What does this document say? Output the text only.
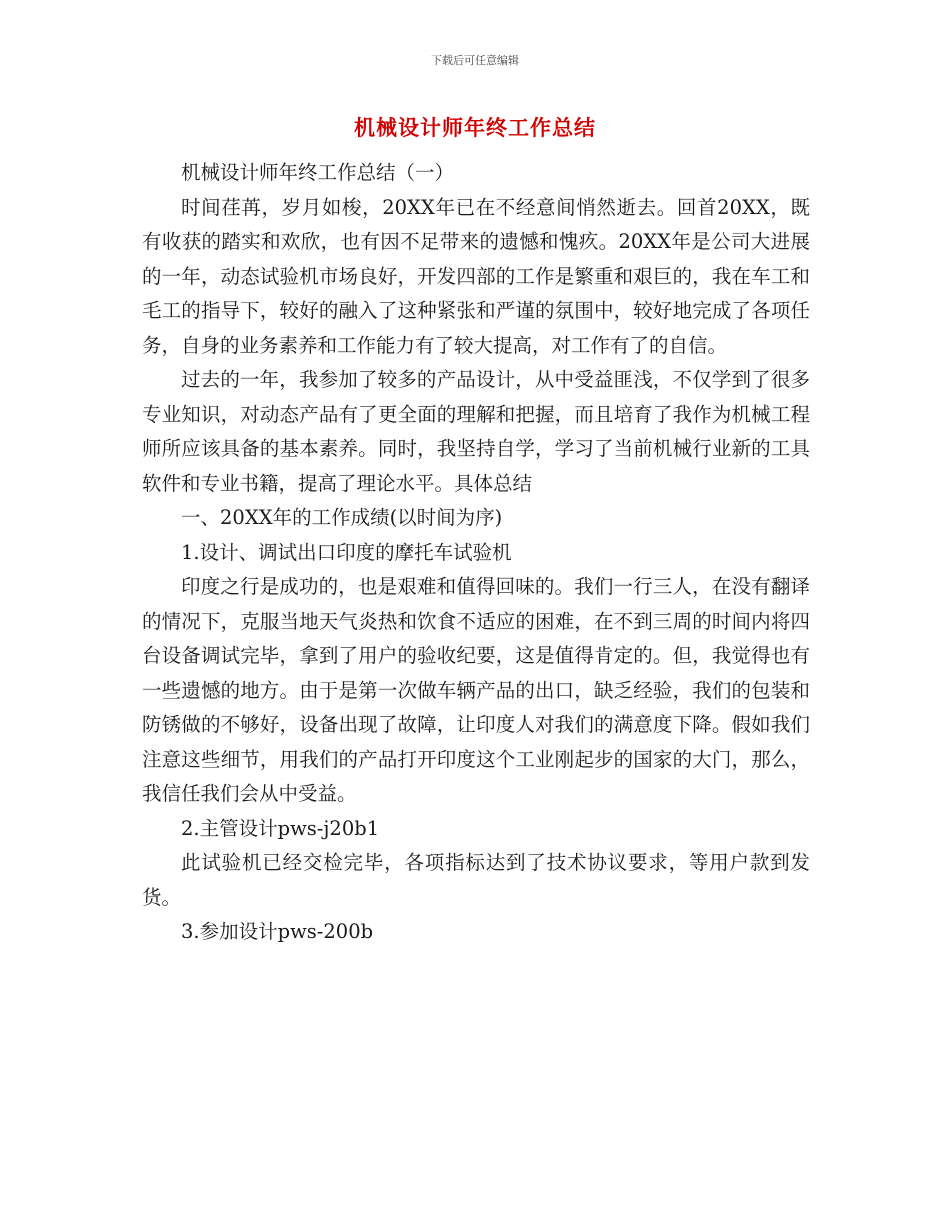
下载后可任意编辑
机械设计师年终工作总结

机械设计师年终工作总结（一）

时间荏苒，岁月如梭，20XX年已在不经意间悄然逝去。回首20XX，既有收获的踏实和欢欣，也有因不足带来的遗憾和愧疚。20XX年是公司大进展的一年，动态试验机市场良好，开发四部的工作是繁重和艰巨的，我在车工和毛工的指导下，较好的融入了这种紧张和严谨的氛围中，较好地完成了各项任务，自身的业务素养和工作能力有了较大提高，对工作有了的自信。

过去的一年，我参加了较多的产品设计，从中受益匪浅，不仅学到了很多专业知识，对动态产品有了更全面的理解和把握，而且培育了我作为机械工程师所应该具备的基本素养。同时，我坚持自学，学习了当前机械行业新的工具软件和专业书籍，提高了理论水平。具体总结

一、20XX年的工作成绩(以时间为序)

1.设计、调试出口印度的摩托车试验机

印度之行是成功的，也是艰难和值得回味的。我们一行三人，在没有翻译的情况下，克服当地天气炎热和饮食不适应的困难，在不到三周的时间内将四台设备调试完毕，拿到了用户的验收纪要，这是值得肯定的。但，我觉得也有一些遗憾的地方。由于是第一次做车辆产品的出口，缺乏经验，我们的包装和防锈做的不够好，设备出现了故障，让印度人对我们的满意度下降。假如我们注意这些细节，用我们的产品打开印度这个工业刚起步的国家的大门，那么，我信任我们会从中受益。

2.主管设计pws-j20b1

此试验机已经交检完毕，各项指标达到了技术协议要求，等用户款到发货。

3.参加设计pws-200b
